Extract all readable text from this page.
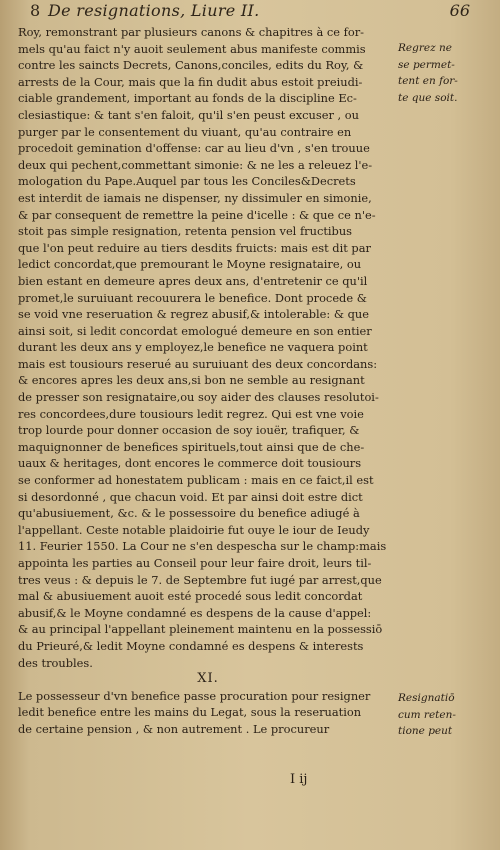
8 De resignations, Liure II.	66
Roy, remonstrant par plusieurs canons & chapitres à ce for-
mels qu'au faict n'y auoit seulement abus manifeste commis
contre les saincts Decrets, Canons,conciles, edits du Roy, &
arrests de la Cour, mais que la fin dudit abus estoit preiudi-
ciable grandement, important au fonds de la discipline Ec-
clesiastique: & tant s'en faloit, qu'il s'en peust excuser , ou
purger par le consentement du viuant, qu'au contraire en
procedoit gemination d'offense: car au lieu d'vn , s'en trouue
deux qui pechent,commettant simonie: & ne les a releuez l'e-
mologation du Pape.Auquel par tous les Conciles&Decrets
est interdit de iamais ne dispenser, ny dissimuler en simonie,
& par consequent de remettre la peine d'icelle : & que ce n'e-
stoit pas simple resignation, retenta pension vel fructibus
que l'on peut reduire au tiers desdits fruicts: mais est dit par
ledict concordat,que premourant le Moyne resignataire, ou
bien estant en demeure apres deux ans, d'entretenir ce qu'il
promet,le suruiuant recouurera le benefice. Dont procede &
se void vne reseruation & regrez abusif,& intolerable: & que
ainsi soit, si ledit concordat emologué demeure en son entier
durant les deux ans y employez,le benefice ne vaquera point
mais est tousiours reserué au suruiuant des deux concordans:
& encores apres les deux ans,si bon ne semble au resignant
de presser son resignataire,ou soy aider des clauses resolutoi-
res concordees,dure tousiours ledit regrez. Qui est vne voie
trop lourde pour donner occasion de soy iouër, trafiquer, &
maquignonner de benefices spirituels,tout ainsi que de che-
uaux & heritages, dont encores le commerce doit tousiours
se conformer ad honestatem publicam : mais en ce faict,il est
si desordonné , que chacun void. Et par ainsi doit estre dict
qu'abusiuement, &c. & le possessoire du benefice adiugé à
l'appellant. Ceste notable plaidoirie fut ouye le iour de Ieudy
11. Feurier 1550. La Cour ne s'en despescha sur le champ:mais
appointa les parties au Conseil pour leur faire droit, leurs til-
tres veus : & depuis le 7. de Septembre fut iugé par arrest,que
mal & abusiuement auoit esté procedé sous ledit concordat
abusif,& le Moyne condamné es despens de la cause d'appel:
& au principal l'appellant pleinement maintenu en la possessiō
du Prieuré,& ledit Moyne condamné es despens & interests
des troubles.
XI.
Le possesseur d'vn benefice passe procuration pour resigner
ledit benefice entre les mains du Legat, sous la reseruation
de certaine pension , & non autrement . Le procureur
Regrez ne
se permet-
tent en for-
te que soit.
Resignatiō
cum reten-
tione peut
I ij
